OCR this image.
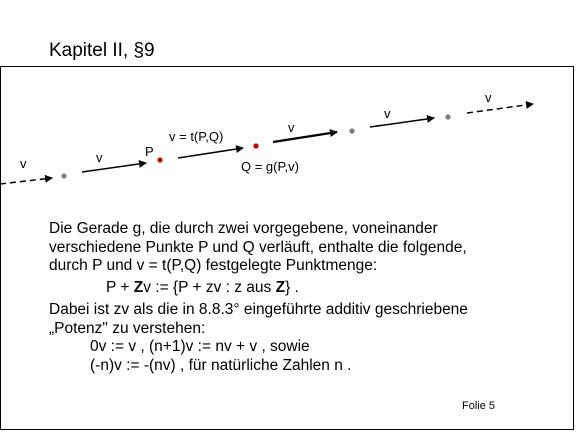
Kapitel II, §9
v	v	P
v = t(P,Q)
Q = g(P,v)
v
v
v
Die Gerade g, die durch zwei vorgegebene, voneinander
verschiedene Punkte P und Q verläuft, enthalte die folgende,
durch P und v = t(P,Q) festgelegte Punktmenge:
P + Zv := {P + zv : z aus Z} .
Dabei ist zv als die in 8.8.3° eingeführte additiv geschriebene
„Potenz" zu verstehen:
0v := v , (n+1)v := nv + v , sowie
(-n)v := -(nv) , für natürliche Zahlen n .
Folie 5
